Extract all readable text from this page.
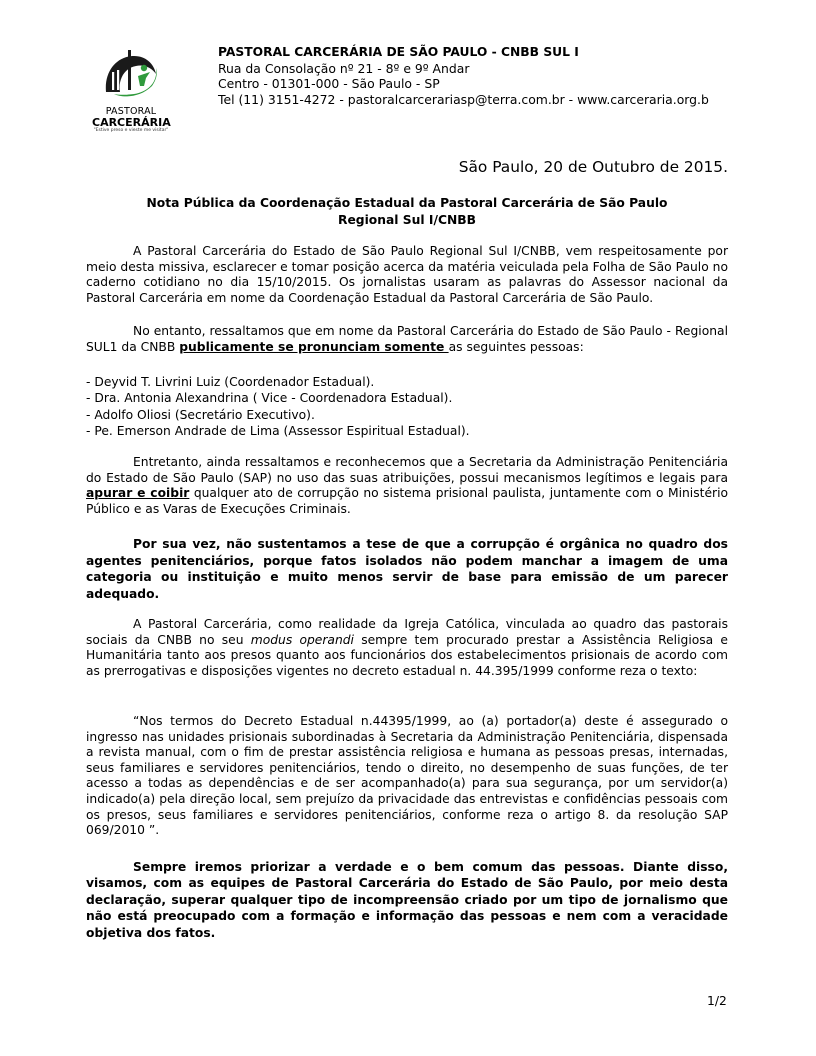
PASTORAL
CARCERÁRIA
"Estive preso e vieste me visitar"
PASTORAL CARCERÁRIA DE SÃO PAULO - CNBB SUL I
Rua da Consolação nº 21 - 8º e 9º Andar
Centro - 01301-000 - São Paulo - SP
Tel (11) 3151-4272 - pastoralcarcerariasp@terra.com.br - www.carceraria.org.b
São Paulo, 20 de Outubro de 2015.
Nota Pública da Coordenação Estadual da Pastoral Carcerária de São Paulo
Regional Sul I/CNBB

A Pastoral Carcerária do Estado de São Paulo Regional Sul I/CNBB, vem respeitosamente por meio desta missiva, esclarecer e tomar posição acerca da matéria veiculada pela Folha de São Paulo no caderno cotidiano no dia 15/10/2015. Os jornalistas usaram as palavras do Assessor nacional da Pastoral Carcerária em nome da Coordenação Estadual da Pastoral Carcerária de São Paulo.

No entanto, ressaltamos que em nome da Pastoral Carcerária do Estado de São Paulo - Regional SUL1 da CNBB publicamente se pronunciam somente as seguintes pessoas:

- Deyvid T. Livrini Luiz (Coordenador Estadual).
- Dra. Antonia Alexandrina ( Vice - Coordenadora Estadual).
- Adolfo Oliosi (Secretário Executivo).
- Pe. Emerson Andrade de Lima (Assessor Espiritual Estadual).

Entretanto, ainda ressaltamos e reconhecemos que a Secretaria da Administração Penitenciária do Estado de São Paulo (SAP) no uso das suas atribuições, possui mecanismos legítimos e legais para apurar e coibir qualquer ato de corrupção no sistema prisional paulista, juntamente com o Ministério Público e as Varas de Execuções Criminais.

Por sua vez, não sustentamos a tese de que a corrupção é orgânica no quadro dos agentes penitenciários, porque fatos isolados não podem manchar a imagem de uma categoria ou instituição e muito menos servir de base para emissão de um parecer adequado.

A Pastoral Carcerária, como realidade da Igreja Católica, vinculada ao quadro das pastorais sociais da CNBB no seu modus operandi sempre tem procurado prestar a Assistência Religiosa e Humanitária tanto aos presos quanto aos funcionários dos estabelecimentos prisionais de acordo com as prerrogativas e disposições vigentes no decreto estadual n. 44.395/1999 conforme reza o texto:

“Nos termos do Decreto Estadual n.44395/1999, ao (a) portador(a) deste é assegurado o ingresso nas unidades prisionais subordinadas à Secretaria da Administração Penitenciária, dispensada a revista manual, com o fim de prestar assistência religiosa e humana as pessoas presas, internadas, seus familiares e servidores penitenciários, tendo o direito, no desempenho de suas funções, de ter acesso a todas as dependências e de ser acompanhado(a) para sua segurança, por um servidor(a) indicado(a) pela direção local, sem prejuízo da privacidade das entrevistas e confidências pessoais com os presos, seus familiares e servidores penitenciários, conforme reza o artigo 8. da resolução SAP 069/2010 ”.

Sempre iremos priorizar a verdade e o bem comum das pessoas. Diante disso, visamos, com as equipes de Pastoral Carcerária do Estado de São Paulo, por meio desta declaração, superar qualquer tipo de incompreensão criado por um tipo de jornalismo que não está preocupado com a formação e informação das pessoas e nem com a veracidade objetiva dos fatos.

1/2
